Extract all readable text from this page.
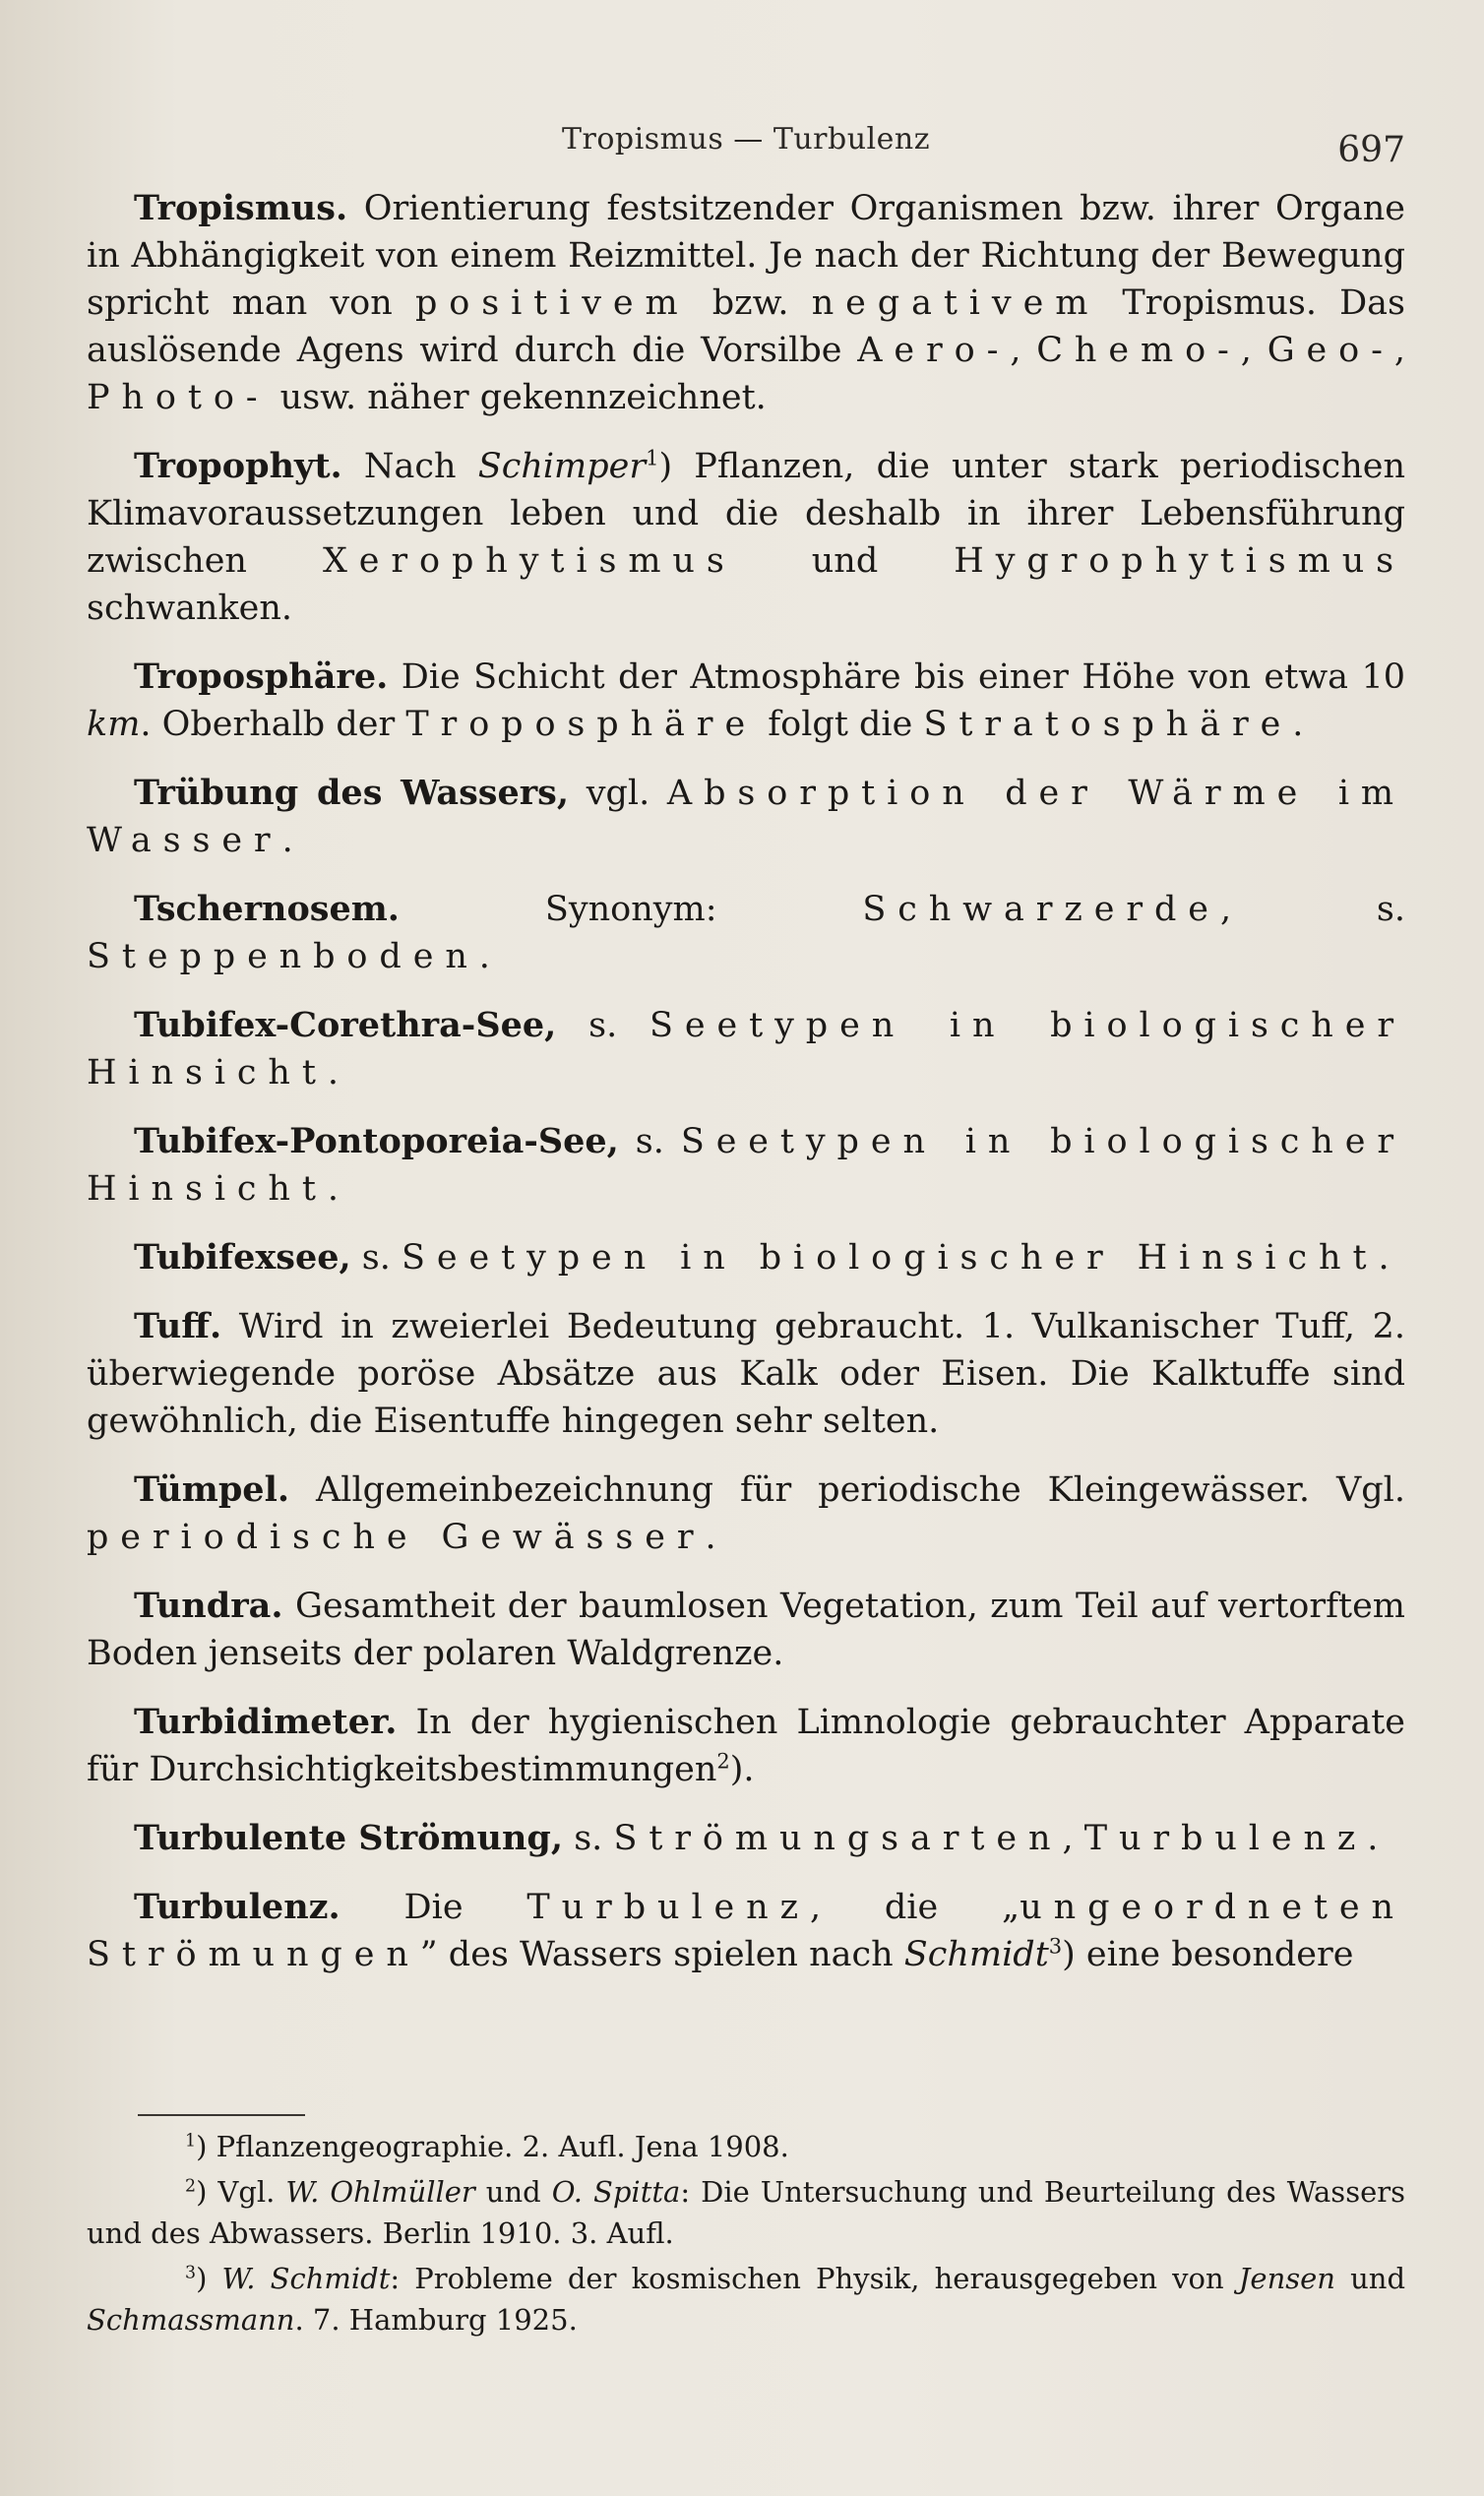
Tropismus — Turbulenz	697

Tropismus. Orientierung festsitzender Organismen bzw. ihrer Organe in Abhängigkeit von einem Reizmittel. Je nach der Richtung der Bewegung spricht man von positivem bzw. negativem Tropismus. Das auslösende Agens wird durch die Vorsilbe Aero-, Chemo-, Geo-, Photo- usw. näher gekennzeichnet.

Tropophyt. Nach Schimper$^1$) Pflanzen, die unter stark periodischen Klimavoraussetzungen leben und die deshalb in ihrer Lebensführung zwischen Xerophytismus und Hygrophytismus schwanken.

Troposphäre. Die Schicht der Atmosphäre bis einer Höhe von etwa 10 km. Oberhalb der Troposphäre folgt die Stratosphäre.

Trübung des Wassers, vgl. Absorption der Wärme im Wasser.

Tschernosem. Synonym: Schwarzerde, s. Steppenboden.

Tubifex-Corethra-See, s. Seetypen in biologischer Hinsicht.

Tubifex-Pontoporeia-See, s. Seetypen in biologischer Hinsicht.

Tubifexsee, s. Seetypen in biologischer Hinsicht.

Tuff. Wird in zweierlei Bedeutung gebraucht. 1. Vulkanischer Tuff, 2. überwiegende poröse Absätze aus Kalk oder Eisen. Die Kalktuffe sind gewöhnlich, die Eisentuffe hingegen sehr selten.

Tümpel. Allgemeinbezeichnung für periodische Kleingewässer. Vgl. periodische Gewässer.

Tundra. Gesamtheit der baumlosen Vegetation, zum Teil auf vertorftem Boden jenseits der polaren Waldgrenze.

Turbidimeter. In der hygienischen Limnologie gebrauchter Apparate für Durchsichtigkeitsbestimmungen$^2$).

Turbulente Strömung, s. Strömungsarten, Turbulenz.

Turbulenz. Die Turbulenz, die „ungeordneten Strömungen” des Wassers spielen nach Schmidt$^3$) eine besondere

$^1$) Pflanzengeographie. 2. Aufl. Jena 1908.

$^2$) Vgl. W. Ohlmüller und O. Spitta: Die Untersuchung und Beurteilung des Wassers und des Abwassers. Berlin 1910. 3. Aufl.

$^3$) W. Schmidt: Probleme der kosmischen Physik, herausgegeben von Jensen und Schmassmann. 7. Hamburg 1925.
